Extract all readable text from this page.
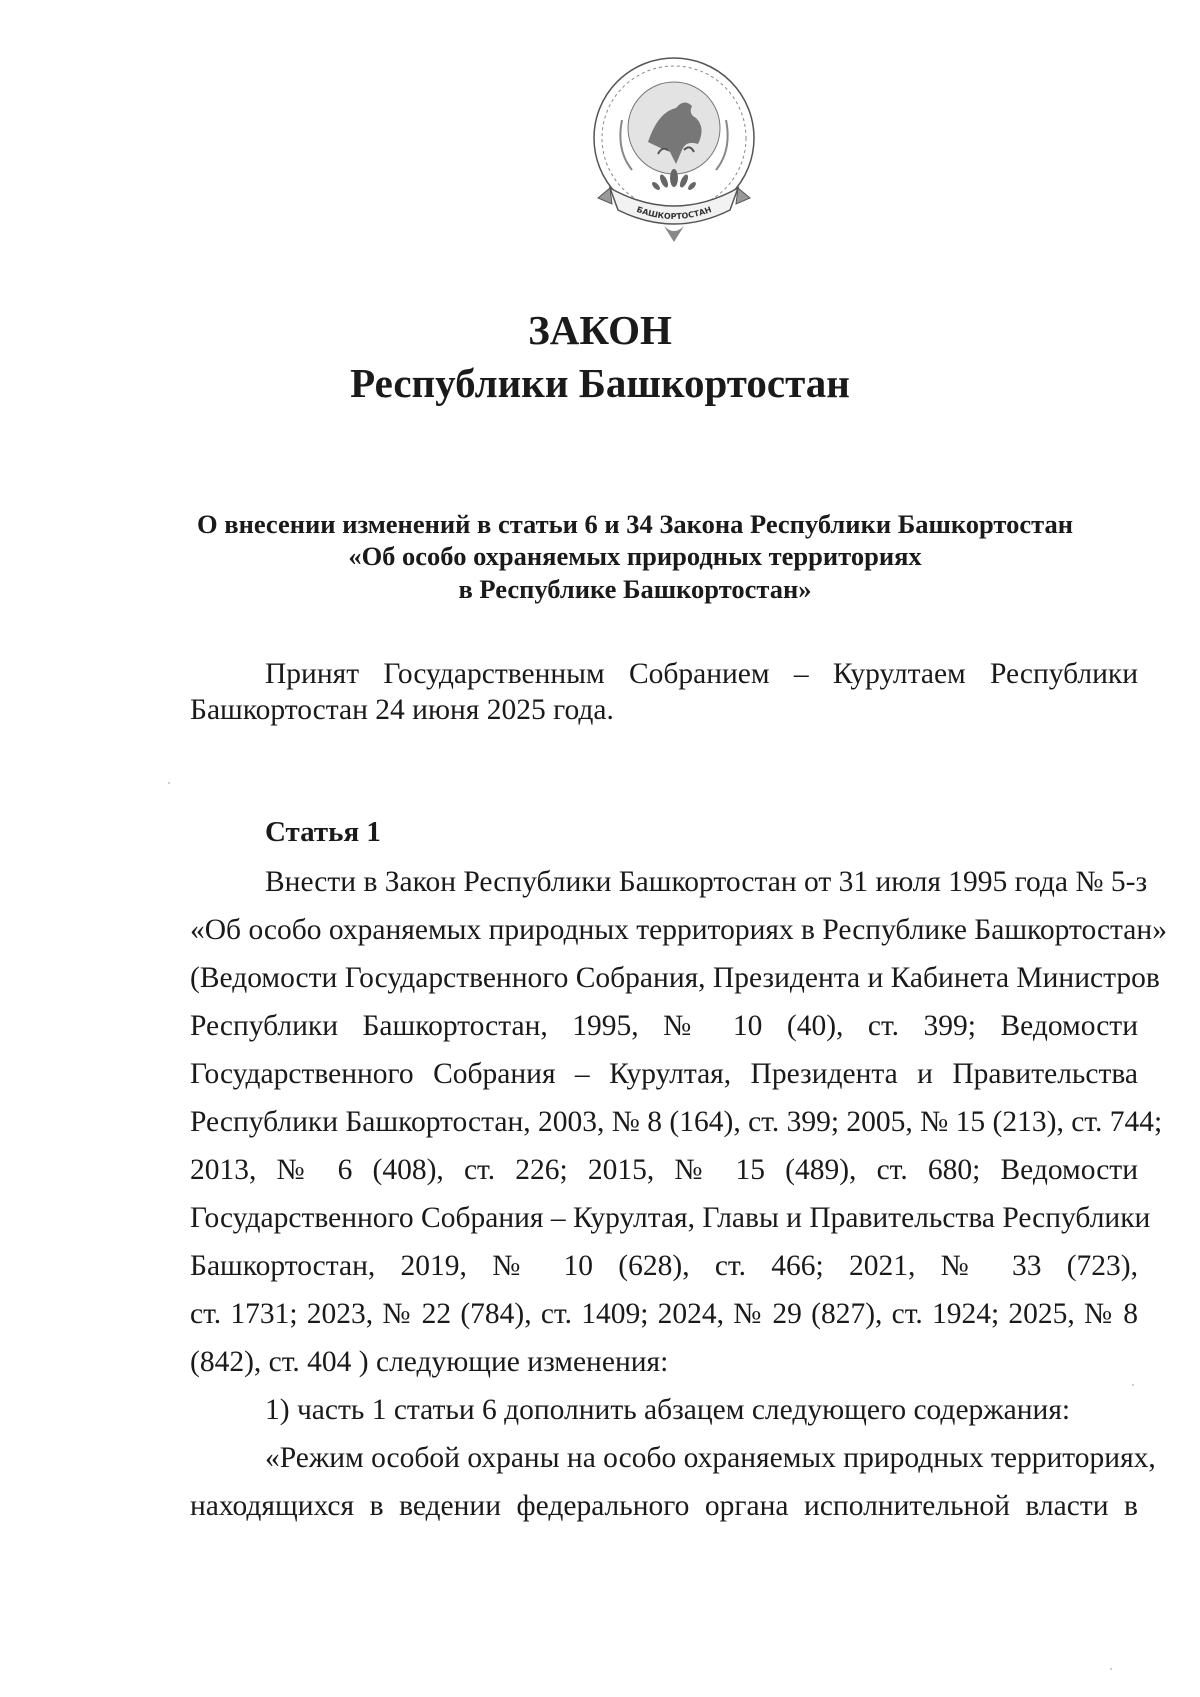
БАШКОРТОСТАН
ЗАКОН
Республики Башкортостан
О внесении изменений в статьи 6 и 34 Закона Республики Башкортостан
«Об особо охраняемых природных территориях
в Республике Башкортостан»
Принят Государственным Собранием – Курултаем Республики
Башкортостан 24 июня 2025 года.
Статья 1
Внести в Закон Республики Башкортостан от 31 июля 1995 года № 5-з
«Об особо охраняемых природных территориях в Республике Башкортостан»
(Ведомости Государственного Собрания, Президента и Кабинета Министров
Республики Башкортостан, 1995, № 10 (40), ст. 399; Ведомости
Государственного Собрания – Курултая, Президента и Правительства
Республики Башкортостан, 2003, № 8 (164), ст. 399; 2005, № 15 (213), ст. 744;
2013, № 6 (408), ст. 226; 2015, № 15 (489), ст. 680; Ведомости
Государственного Собрания – Курултая, Главы и Правительства Республики
Башкортостан, 2019, № 10 (628), ст. 466; 2021, № 33 (723),
ст. 1731; 2023, № 22 (784), ст. 1409; 2024, № 29 (827), ст. 1924; 2025, № 8
(842), ст. 404 ) следующие изменения:
1) часть 1 статьи 6 дополнить абзацем следующего содержания:
«Режим особой охраны на особо охраняемых природных территориях,
находящихся в ведении федерального органа исполнительной власти в
